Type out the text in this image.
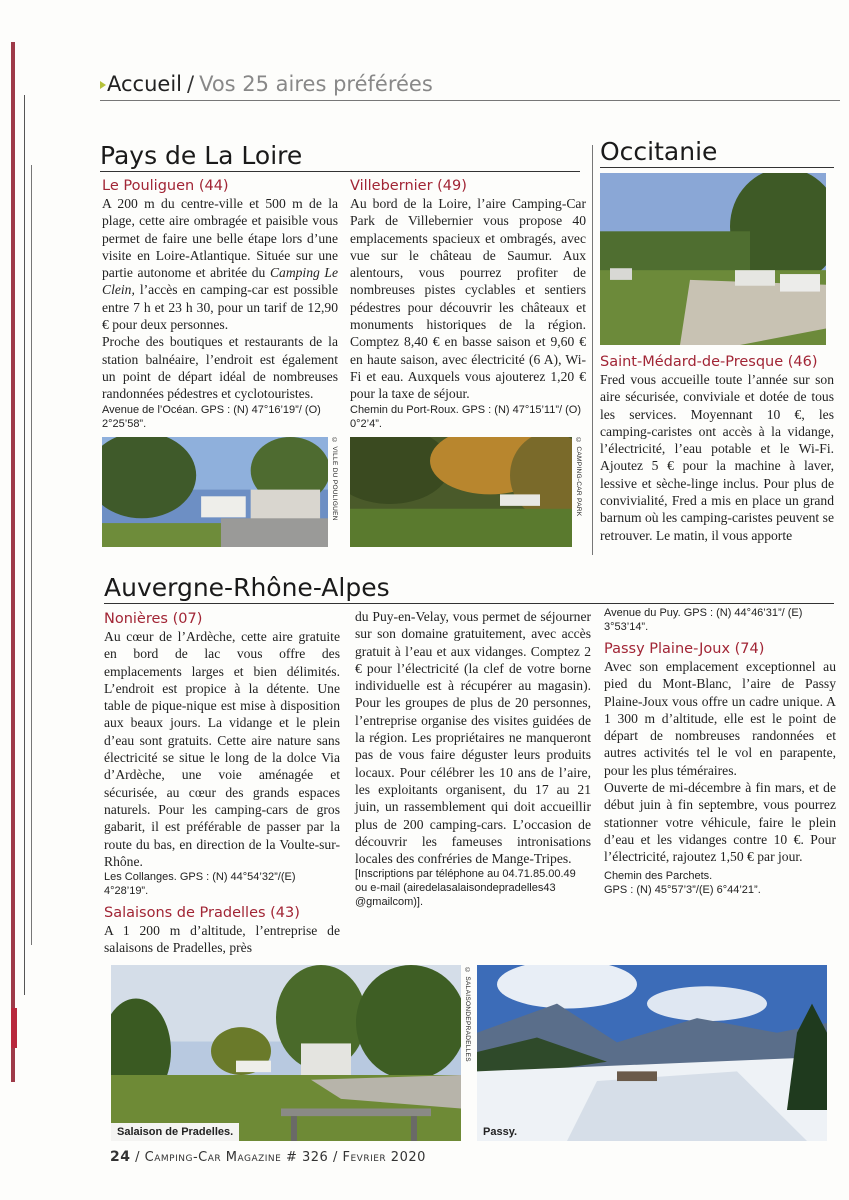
Accueil / Vos 25 aires préférées
Pays de La Loire
Le Pouliguen (44)

A 200 m du centre-ville et 500 m de la plage, cette aire ombragée et paisible vous permet de faire une belle étape lors d’une visite en Loire-Atlantique. Située sur une partie autonome et abritée du Camping Le Clein, l’accès en camping-car est possible entre 7 h et 23 h 30, pour un tarif de 12,90 € pour deux personnes.

Proche des boutiques et restaurants de la station balnéaire, l’endroit est également un point de départ idéal de nombreuses randonnées pédestres et cyclotouristes.

Avenue de l’Océan. GPS : (N) 47°16’19”/ (O) 2°25’58”.
© VILLE DU POULIGUEN
Villebernier (49)

Au bord de la Loire, l’aire Camping-Car Park de Villebernier vous propose 40 emplacements spacieux et ombragés, avec vue sur le château de Saumur. Aux alentours, vous pourrez profiter de nombreuses pistes cyclables et sentiers pédestres pour découvrir les châteaux et monuments historiques de la région. Comptez 8,40 € en basse saison et 9,60 € en haute saison, avec électricité (6 A), Wi-Fi et eau. Auxquels vous ajouterez 1,20 € pour la taxe de séjour.

Chemin du Port-Roux. GPS : (N) 47°15’11”/ (O) 0°2’4”.
© CAMPING-CAR PARK
Occitanie
Saint-Médard-de-Presque (46)

Fred vous accueille toute l’année sur son aire sécurisée, conviviale et dotée de tous les services. Moyennant 10 €, les camping-caristes ont accès à la vidange, l’électricité, l’eau potable et le Wi-Fi. Ajoutez 5 € pour la machine à laver, lessive et sèche-linge inclus. Pour plus de convivialité, Fred a mis en place un grand barnum où les camping-caristes peuvent se retrouver. Le matin, il vous apporte

Auvergne-Rhône-Alpes
Nonières (07)

Au cœur de l’Ardèche, cette aire gratuite en bord de lac vous offre des emplacements larges et bien délimités. L’endroit est propice à la détente. Une table de pique-nique est mise à disposition aux beaux jours. La vidange et le plein d’eau sont gratuits. Cette aire nature sans électricité se situe le long de la dolce Via d’Ardèche, une voie aménagée et sécurisée, au cœur des grands espaces naturels. Pour les camping-cars de gros gabarit, il est préférable de passer par la route du bas, en direction de la Voulte-sur-Rhône.

Les Collanges. GPS : (N) 44°54’32”/(E) 4°28’19”.
Salaisons de Pradelles (43)

A 1 200 m d’altitude, l’entreprise de salaisons de Pradelles, près

du Puy-en-Velay, vous permet de séjourner sur son domaine gratuitement, avec accès gratuit à l’eau et aux vidanges. Comptez 2 € pour l’électricité (la clef de votre borne individuelle est à récupérer au magasin). Pour les groupes de plus de 20 personnes, l’entreprise organise des visites guidées de la région. Les propriétaires ne manqueront pas de vous faire déguster leurs produits locaux. Pour célébrer les 10 ans de l’aire, les exploitants organisent, du 17 au 21 juin, un rassemblement qui doit accueillir plus de 200 camping-cars. L’occasion de découvrir les fameuses intronisations locales des confréries de Mange-Tripes.

[Inscriptions par téléphone au 04.71.85.00.49 ou e-mail (airedelasalaisondepradelles43 @gmailcom)].
Avenue du Puy. GPS : (N) 44°46’31”/ (E) 3°53’14”.
Passy Plaine-Joux (74)

Avec son emplacement exceptionnel au pied du Mont-Blanc, l’aire de Passy Plaine-Joux vous offre un cadre unique. A 1 300 m d’altitude, elle est le point de départ de nombreuses randonnées et autres activités tel le vol en parapente, pour les plus téméraires.

Ouverte de mi-décembre à fin mars, et de début juin à fin septembre, vous pourrez stationner votre véhicule, faire le plein d’eau et les vidanges contre 10 €. Pour l’électricité, rajoutez 1,50 € par jour.

Chemin des Parchets.
GPS : (N) 45°57’3”/(E) 6°44’21”.
Salaison de Pradelles.
© SALAISONDEPRADELLES
Passy.
24 / Camping-Car Magazine # 326 / Fevrier 2020
